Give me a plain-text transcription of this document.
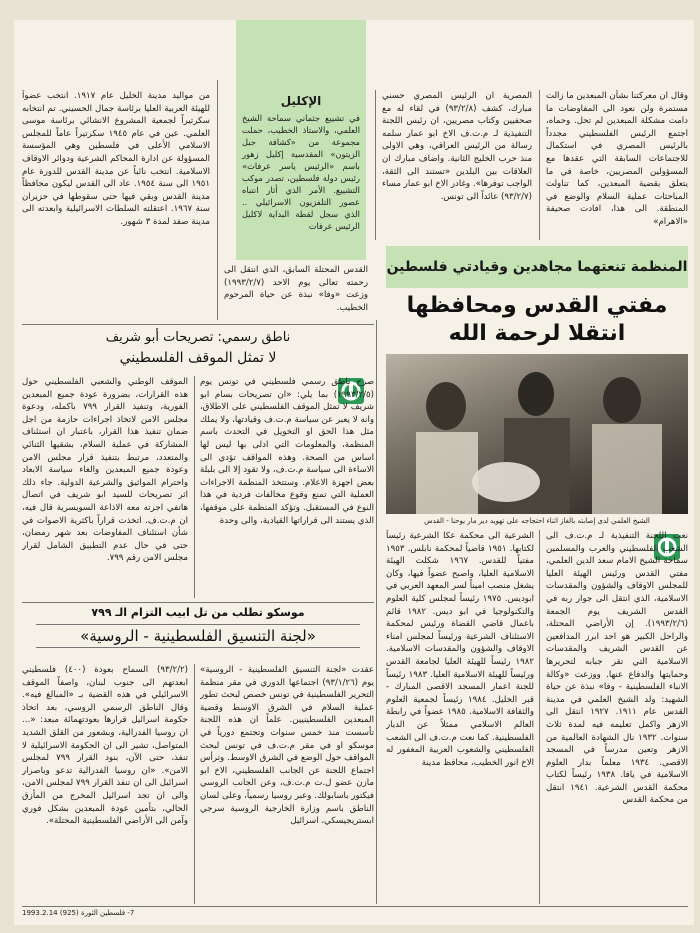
من مواليد مدينة الخليل عام ١٩١٧. انتخب عضواً للهيئة العربية العليا برئاسة جمال الحسيني. تم انتخابه سكرتيراً لجمعية المشروع الانشائي برئاسة موسى العلمي. عين في عام ١٩٤٥ سكرتيراً عاماً للمجلس الاسلامي الأعلى في فلسطين وهي المؤسسة المسؤولة عن ادارة المحاكم الشرعية ودوائر الاوقاف الاسلامية. انتخب نائباً عن مدينة القدس للدورة عام ١٩٥١ الى سنة ١٩٥٤. عاد الى القدس ليكون محافظاً مدينة القدس وبقي فيها حتى سقوطها في حزيران سنة ١٩٦٧. اعتقلته السلطات الاسرائيلية وابعدته الى مدينة صفد لمدة ٣ شهور.

الإكليل
في تشييع جثماني سماحة الشيخ العلمي، والاستاذ الخطيب، حملت مجموعة من «كشافة جبل الزيتون» المقدسية إكليل زهور باسم «الرئيس ياسر عرفات» رئيس دولة فلسطين، تصدر موكب التشييع. الأمر الذي أثار انتباه عصور التلفزيون الاسرائيلي .. الذي سجل لقطة البداية لاكليل الرئيس عرفات

القدس المحتلة السابق، الذي انتقل الى رحمته تعالى يوم الاحد (١٩٩٣/٢/٧) وزعت «وفا» نبذة عن حياة المرحوم الخطيب.

المصرية ان الرئيس المصري حسني مبارك، كشف (٩٣/٢/٨) في لقاء له مع صحفيين وكتاب مصريين، ان رئيس اللجنة التنفيذية لـ م.ت.ف الاخ ابو عمار سلمه رسالة من الرئيس العراقي، وهي الاولى منذ حرب الخليج الثانية. واضاف مبارك ان العلاقات بين البلدين «تستند الى الثقة، الواجب توفرها». وغادر الاخ ابو عمار مساء (٩٣/٢/٧) عائداً الى تونس.

وقال ان معركتنا بشأن المبعدين ما زالت مستمرة ولن نعود الى المفاوضات ما دامت مشكلة المبعدين لم تحل. وحماه، اجتمع الرئيس الفلسطيني مجدداً بالرئيس المصري في استكمال للاجتماعات السابقة التي عقدها مع المسؤولين المصريين، خاصة في ما يتعلق بقضية المبعدين، كما تناولت المباحثات عملية السلام والوضع في المنطقة. الى هذا، افادت صحيفة «الاهرام»

المنظمة تنعتهما مجاهدين وقيادتي فلسطين
مفتي القدس ومحافظها
انتقلا لرحمة الله
الشيخ العلمي لدى إصابته بالغاز اثناء احتجاجه على تهويد دير مار يوحنا - القدس

نعت اللجنة التنفيذية لـ م.ت.ف الى الشعب الفلسطيني والعرب والمسلمين سماحة الشيخ الامام سعد الدين العلمي، مفتي القدس ورئيس الهيئة العليا للمجلس الاوقاف والشؤون والمقدسات الاسلامية، الذي انتقل الى جوار ربه في القدس الشريف يوم الجمعة (١٩٩٣/٢/٦). إن الأراضي المحتلة، والراحل الكبير هو احد ابرز المدافعين عن القدس الشريف والمقدسات الاسلامية التي تقر جبابه لتحريرها وحمايتها والدفاع عنها. ووزعت «وكالة الانباء الفلسطينية - وفا» نبذة عن حياة الشهيد: ولد الشيخ العلمي في مدينة القدس عام ١٩١١. ١٩٢٧ انتقل الى الازهر واكمل تعليمه فيه لمدة ثلاث سنوات. ١٩٣٢ نال الشهادة العالمية من الازهر وتعين مدرساً في المسجد الاقصى. ١٩٣٤ معلماً بدار العلوم الاسلامية في يافا. ١٩٣٨ رئيساً لكتاب محكمة القدس الشرعية. ١٩٤١ انتقل من محكمة القدس

الشرعية الى محكمة عكا الشرعية رئيساً لكتابها. ١٩٥١ قاضياً لمحكمة نابلس. ١٩٥٣ مفتياً للقدس. ١٩٦٧ شكلت الهيئة الاسلامية العليا، واصبح عضواً فيها، وكان يشغل منصب اميناً لسر المعهد العربي في ابوديس. ١٩٧٥ رئيساً لمجلس كلية العلوم والتكنولوجيا في ابو ديس. ١٩٨٢ قائم باعمال قاضي القضاة ورئيس لمحكمة الاستئناف الشرعية ورئيساً لمجلس امناء الاوقاف والشؤون والمقدسات الاسلامية. ١٩٨٢ رئيساً للهيئة العليا لجامعة القدس ورئيساً للهيئة الاسلامية العليا. ١٩٨٣ رئيساً للجنة اعمار المسجد الاقصى المبارك - قبر الخليل. ١٩٨٤ رئيساً لجمعية العلوم والثقافة الاسلامية. ١٩٨٥ عضواً في رابطة العالم الاسلامي ممثلاً عن الديار الفلسطينية. كما نعت م.ت.ف الى الشعب الفلسطيني والشعوب العربية المغفور له الاخ انور الخطيب، محافظ مدينة

ناطق رسمي: تصريحات أبو شريف
لا تمثل الموقف الفلسطيني

صرح ناطق رسمي فلسطيني في تونس يوم (١٩٩٣/٢/٥) بما يلي: «ان تصريحات بسام ابو شريف لا تمثل الموقف الفلسطيني على الاطلاق، وانه لا يعبر عن سياسة م.ت.ف وقيادتها، ولا يملك مثل هذا الحق او التخويل في التحدث باسم المنظمة، والمعلومات التي ادلى بها ليس لها اساس من الصحة. وهذه المواقف تؤدي الى الاساءة الى سياسة م.ت.ف، ولا تقود إلا الى بلبلة بعض اجهزة الاعلام. وستتخذ المنظمة الاجراءات العملية التي تمنع وقوع مخالفات فردية في هذا النوع في المستقبل. وتؤكد المنظمة على موقفها، الذي يستند الى قراراتها القيادية، والى وحدة

الموقف الوطني والشعبي الفلسطيني حول هذه القرارات، بضرورة عودة جميع المبعدين الفورية، وتنفيذ القرار ٧٩٩ باكمله، ودعوة مجلس الامن لاتخاذ اجراءات حازمة من اجل ضمان تنفيذ هذا القرار، باعتبار ان استئناف المشاركة في عملية السلام، بشقيها الثنائي والمتعدد، مرتبط بتنفيذ قرار مجلس الامن وعودة جميع المبعدين والغاء سياسة الابعاد واحترام المواثيق والشرعية الدولية. جاء ذلك اثر تصريحات للسيد ابو شريف في اتصال هاتفي اجرته معه الاذاعة السويسرية قال فيه، ان م.ت.ف. اتخذت قراراً باكثرية الاصوات في شأن استئناف المفاوضات بعد شهر رمضان، حتى في حال عدم التطبيق الشامل لقرار مجلس الامن رقم ٧٩٩.

موسكو تطلب من تل ابيب التزام الـ ٧٩٩
«لجنة التنسيق الفلسطينية - الروسية»

عقدت «لجنة التنسيق الفلسطينية - الروسية» يوم (٩٣/١/٢٦) اجتماعها الدوري في مقر منظمة التحرير الفلسطينية في تونس خصص لبحث تطور عملية السلام في الشرق الاوسط وقضية المبعدين الفلسطينيين. علماً ان هذه اللجنة تأسست منذ خمس سنوات وتجتمع دورياً في موسكو او في مقر م.ت.ف في تونس لبحث المواقف حول الوضع في الشرق الاوسط. وترأس اجتماع اللجنة عن الجانب الفلسطيني، الاخ ابو مازن عضو ل.ت م.ت.ف، وعن الجانب الروسي فيكتور باسابولك. وعبر روسيا رسمياً، وعلى لسان الناطق باسم وزارة الخارجية الروسية سرجي ابستريجيسكي، اسرائيل

(٩٣/٢/٢) السماح بعودة (٤٠٠) فلسطيني ابعدتهم الى جنوب لبنان، واصفاً الموقف الاسرائيلي في هذه القضية بـ «المبالغ فيه». وقال الناطق الرسمي الروسي، بعد اتخاذ حكومة اسرائيل قرارها بعودتهمائة مبعد: «... ان روسيا الفدرالية، وبشعور من القلق الشديد المتواصل، تشير الى ان الحكومة الاسرائيلية لا تنفذ، حتى الآن، بنود القرار ٧٩٩ لمجلس الامن». «ان روسيا الفدرالية تدعو وباصرار اسرائيل الى ان تنفذ القرار ٧٩٩ لمجلس الامن، والى ان تجد اسرائيل المخرج من المأزق الحالي، بتأمين عودة المبعدين بشكل فوري وآمن الى الأراضي الفلسطينية المحتلة».

7- فلسطين الثورة (925) 1993.2.14
